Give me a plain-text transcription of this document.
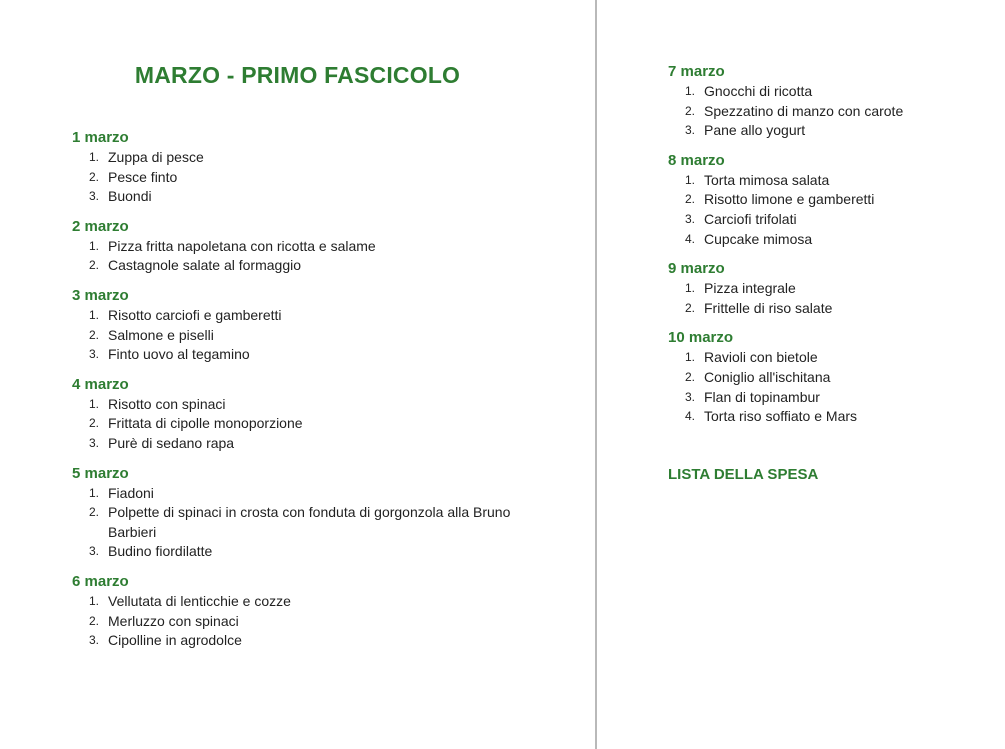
MARZO - PRIMO FASCICOLO
1 marzo
1. Zuppa di pesce
2. Pesce finto
3. Buondi
2 marzo
1. Pizza fritta napoletana con ricotta e salame
2. Castagnole salate al formaggio
3 marzo
1. Risotto carciofi e gamberetti
2. Salmone e piselli
3. Finto uovo al tegamino
4 marzo
1. Risotto con spinaci
2. Frittata di cipolle monoporzione
3. Purè di sedano rapa
5 marzo
1. Fiadoni
2. Polpette di spinaci in crosta con fonduta di gorgonzola alla Bruno Barbieri
3. Budino fiordilatte
6 marzo
1. Vellutata di lenticchie e cozze
2. Merluzzo con spinaci
3. Cipolline in agrodolce
7 marzo
1. Gnocchi di ricotta
2. Spezzatino di manzo con carote
3. Pane allo yogurt
8 marzo
1. Torta mimosa salata
2. Risotto limone e gamberetti
3. Carciofi trifolati
4. Cupcake mimosa
9 marzo
1. Pizza integrale
2. Frittelle di riso salate
10 marzo
1. Ravioli con bietole
2. Coniglio all'ischitana
3. Flan di topinambur
4. Torta riso soffiato e Mars
LISTA DELLA SPESA
